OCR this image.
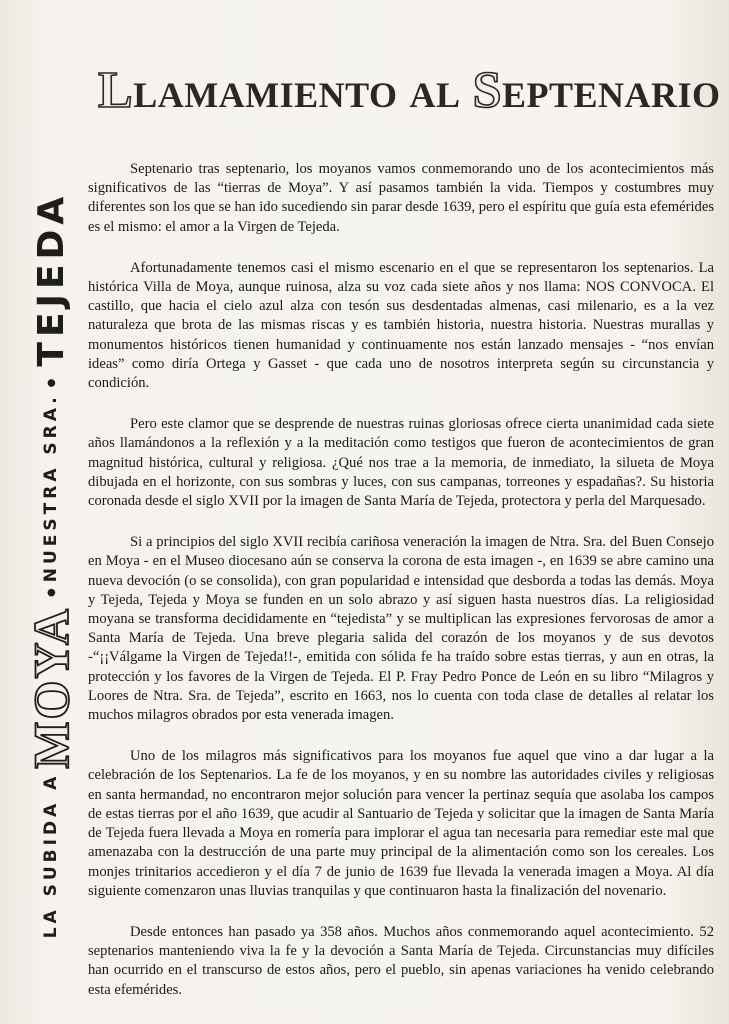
LLAMAMIENTO AL SEPTENARIO
LA SUBIDA A
MOYA
●
NUESTRA SRA.
●
TEJEDA

Septenario tras septenario, los moyanos vamos conmemorando uno de los acontecimientos más significativos de las “tierras de Moya”. Y así pasamos también la vida. Tiempos y costumbres muy diferentes son los que se han ido sucediendo sin parar desde 1639, pero el espíritu que guía esta efemérides es el mismo: el amor a la Virgen de Tejeda.

Afortunadamente tenemos casi el mismo escenario en el que se representaron los septenarios. La histórica Villa de Moya, aunque ruinosa, alza su voz cada siete años y nos llama: NOS CONVOCA. El castillo, que hacia el cielo azul alza con tesón sus desdentadas almenas, casi milenario, es a la vez naturaleza que brota de las mismas riscas y es también historia, nuestra historia. Nuestras murallas y monumentos históricos tienen humanidad y continuamente nos están lanzado mensajes - “nos envían ideas” como diría Ortega y Gasset - que cada uno de nosotros interpreta según su circunstancia y condición.

Pero este clamor que se desprende de nuestras ruinas gloriosas ofrece cierta unanimidad cada siete años llamándonos a la reflexión y a la meditación como testigos que fueron de acontecimientos de gran magnitud histórica, cultural y religiosa. ¿Qué nos trae a la memoria, de inmediato, la silueta de Moya dibujada en el horizonte, con sus sombras y luces, con sus campanas, torreones y espadañas?. Su historia coronada desde el siglo XVII por la imagen de Santa María de Tejeda, protectora y perla del Marquesado.

Si a principios del siglo XVII recibía cariñosa veneración la imagen de Ntra. Sra. del Buen Consejo en Moya - en el Museo diocesano aún se conserva la corona de esta imagen -, en 1639 se abre camino una nueva devoción (o se consolida), con gran popularidad e intensidad que desborda a todas las demás. Moya y Tejeda, Tejeda y Moya se funden en un solo abrazo y así siguen hasta nuestros días. La religiosidad moyana se transforma decididamente en “tejedista” y se multiplican las expresiones fervorosas de amor a Santa María de Tejeda. Una breve plegaria salida del corazón de los moyanos y de sus devotos -“¡¡Válgame la Virgen de Tejeda!!-, emitida con sólida fe ha traído sobre estas tierras, y aun en otras, la protección y los favores de la Virgen de Tejeda. El P. Fray Pedro Ponce de León en su libro “Milagros y Loores de Ntra. Sra. de Tejeda”, escrito en 1663, nos lo cuenta con toda clase de detalles al relatar los muchos milagros obrados por esta venerada imagen.

Uno de los milagros más significativos para los moyanos fue aquel que vino a dar lugar a la celebración de los Septenarios. La fe de los moyanos, y en su nombre las autoridades civiles y religiosas en santa hermandad, no encontraron mejor solución para vencer la pertinaz sequía que asolaba los campos de estas tierras por el año 1639, que acudir al Santuario de Tejeda y solicitar que la imagen de Santa María de Tejeda fuera llevada a Moya en romería para implorar el agua tan necesaria para remediar este mal que amenazaba con la destrucción de una parte muy principal de la alimentación como son los cereales. Los monjes trinitarios accedieron y el día 7 de junio de 1639 fue llevada la venerada imagen a Moya. Al día siguiente comenzaron unas lluvias tranquilas y que continuaron hasta la finalización del novenario.

Desde entonces han pasado ya 358 años. Muchos años conmemorando aquel acontecimiento. 52 septenarios manteniendo viva la fe y la devoción a Santa María de Tejeda. Circunstancias muy difíciles han ocurrido en el transcurso de estos años, pero el pueblo, sin apenas variaciones ha venido celebrando esta efemérides.
